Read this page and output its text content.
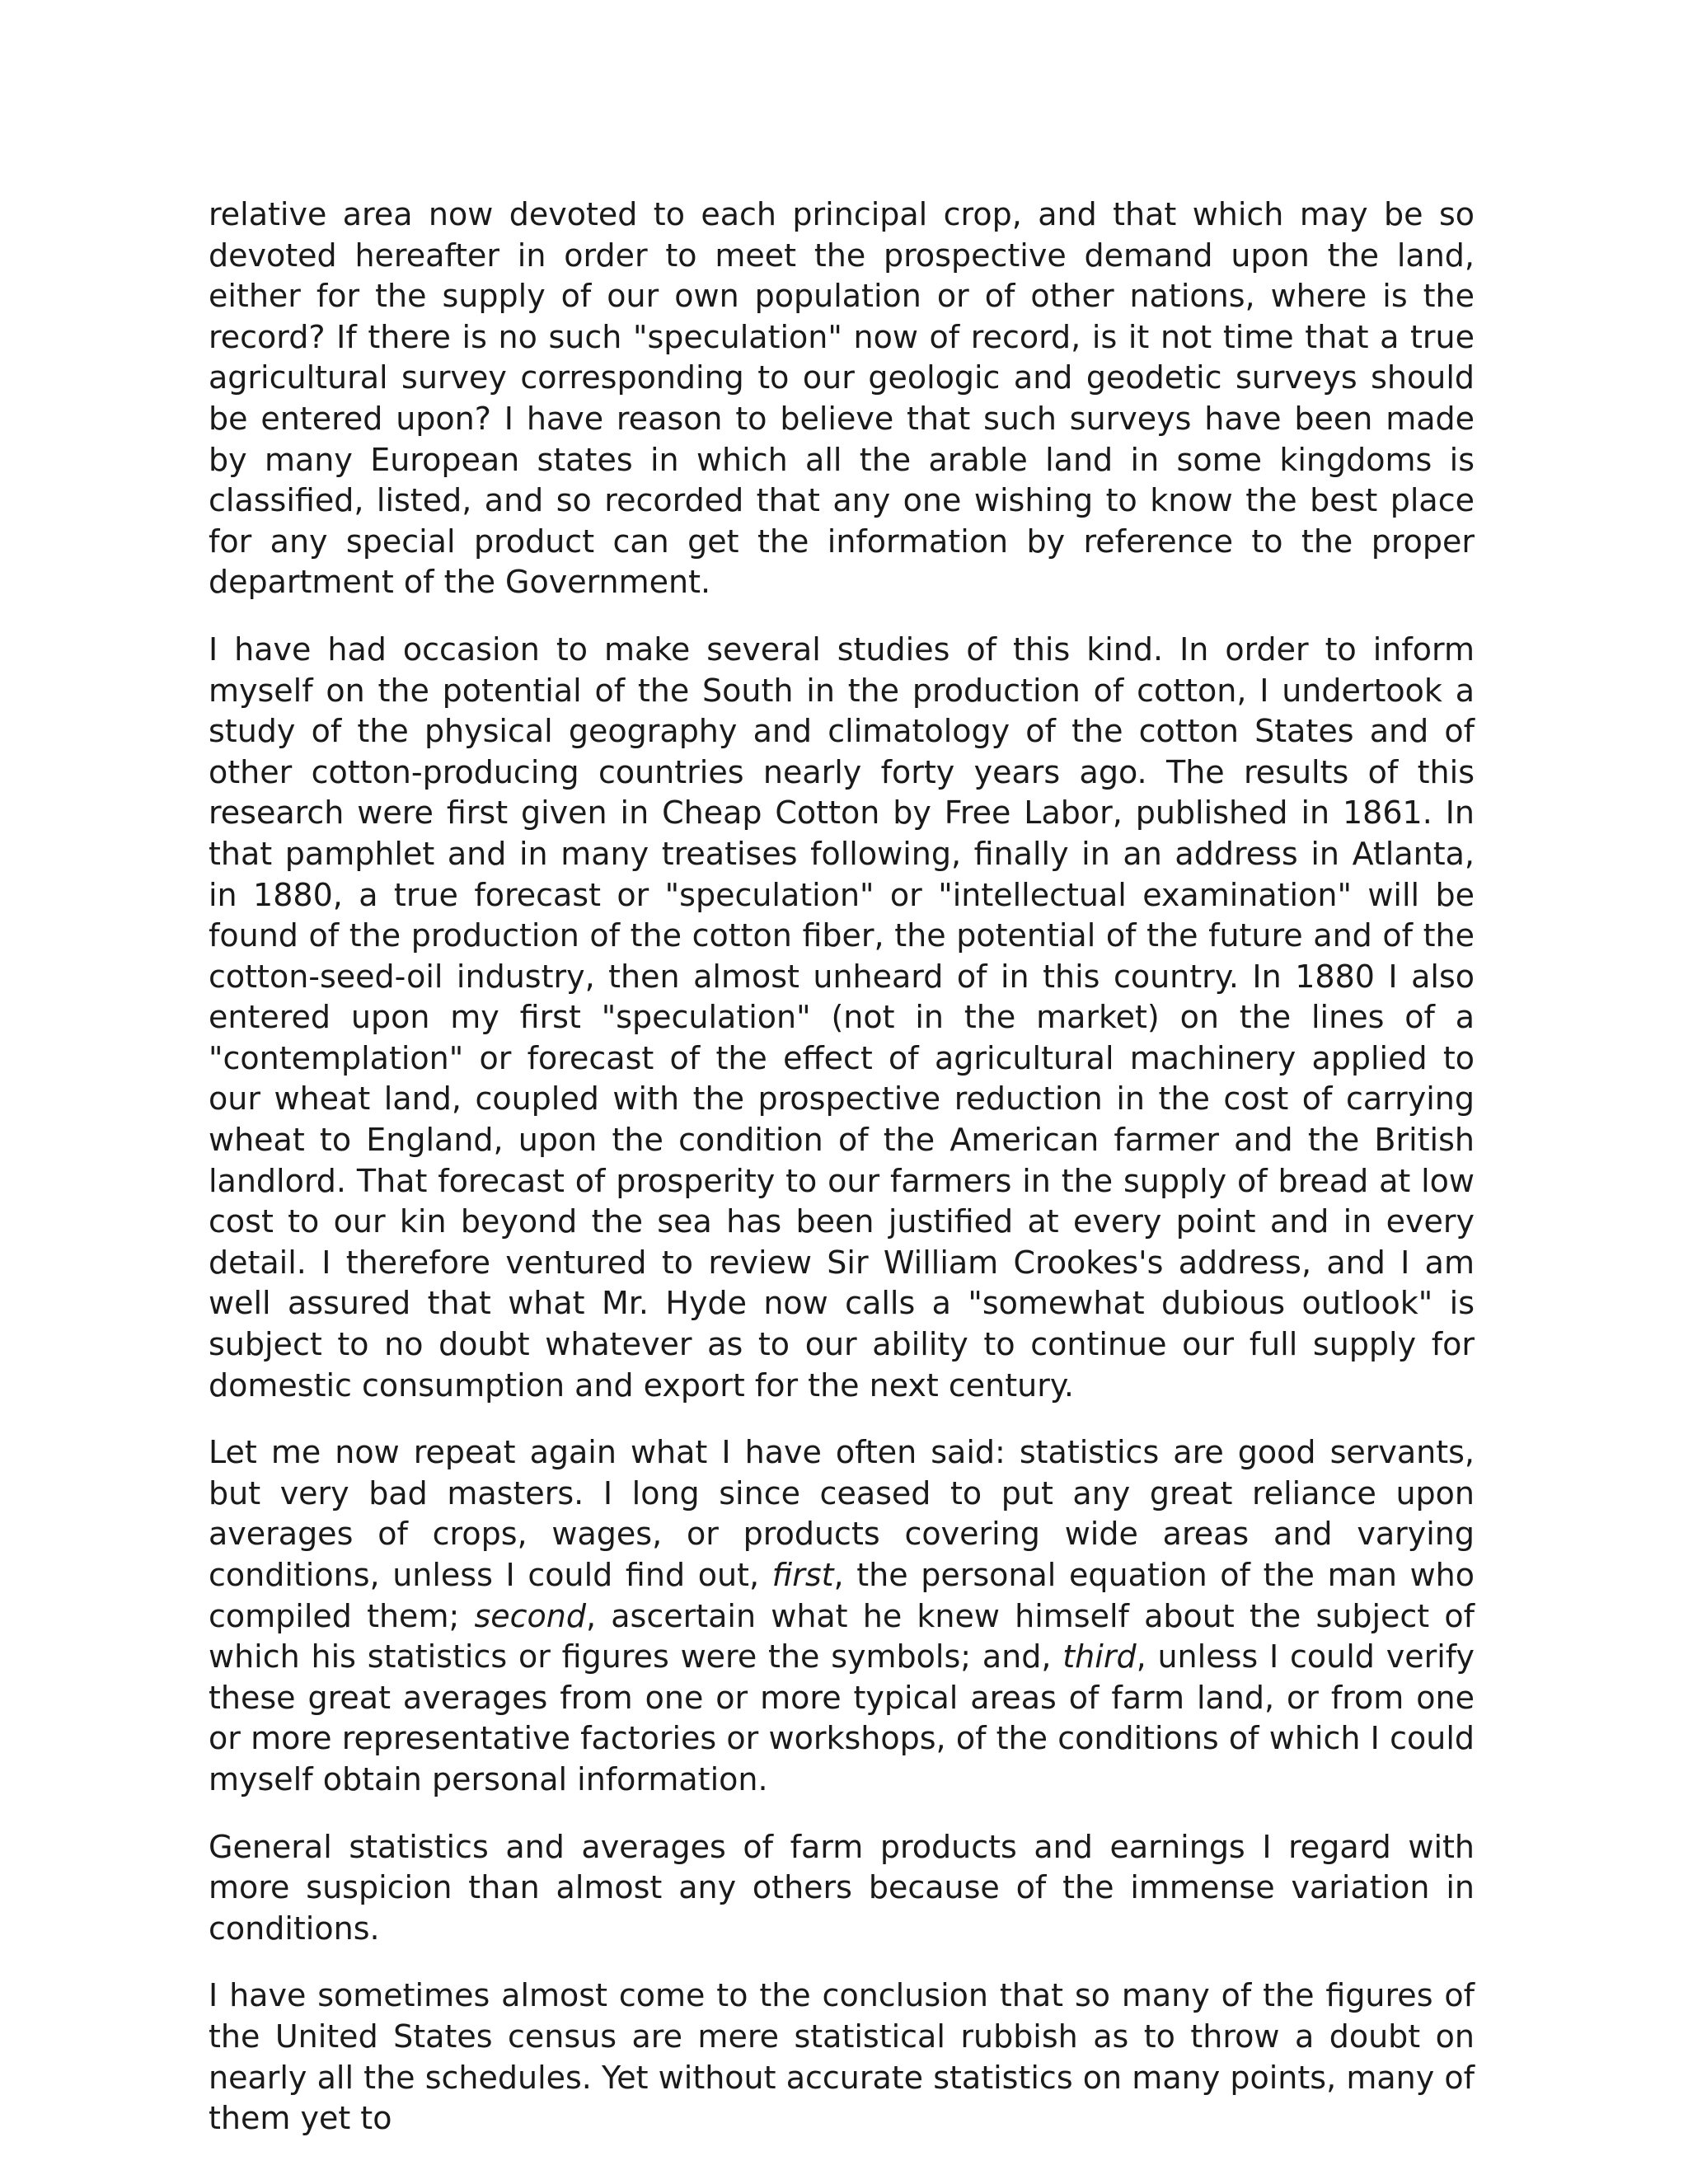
relative area now devoted to each principal crop, and that which may be so devoted hereafter in order to meet the prospective demand upon the land, either for the supply of our own population or of other nations, where is the record? If there is no such "speculation" now of record, is it not time that a true agricultural survey corresponding to our geologic and geodetic surveys should be entered upon? I have reason to believe that such surveys have been made by many European states in which all the arable land in some kingdoms is classified, listed, and so recorded that any one wishing to know the best place for any special product can get the information by reference to the proper department of the Government.

I have had occasion to make several studies of this kind. In order to inform myself on the potential of the South in the production of cotton, I undertook a study of the physical geography and climatology of the cotton States and of other cotton-producing countries nearly forty years ago. The results of this research were first given in Cheap Cotton by Free Labor, published in 1861. In that pamphlet and in many treatises following, finally in an address in Atlanta, in 1880, a true forecast or "speculation" or "intellectual examination" will be found of the production of the cotton fiber, the potential of the future and of the cotton-seed-oil industry, then almost unheard of in this country. In 1880 I also entered upon my first "speculation" (not in the market) on the lines of a "contemplation" or forecast of the effect of agricultural machinery applied to our wheat land, coupled with the prospective reduction in the cost of carrying wheat to England, upon the condition of the American farmer and the British landlord. That forecast of prosperity to our farmers in the supply of bread at low cost to our kin beyond the sea has been justified at every point and in every detail. I therefore ventured to review Sir William Crookes's address, and I am well assured that what Mr. Hyde now calls a "somewhat dubious outlook" is subject to no doubt whatever as to our ability to continue our full supply for domestic consumption and export for the next century.

Let me now repeat again what I have often said: statistics are good servants, but very bad masters. I long since ceased to put any great reliance upon averages of crops, wages, or products covering wide areas and varying conditions, unless I could find out, first, the personal equation of the man who compiled them; second, ascertain what he knew himself about the subject of which his statistics or figures were the symbols; and, third, unless I could verify these great averages from one or more typical areas of farm land, or from one or more representative factories or workshops, of the conditions of which I could myself obtain personal information.

General statistics and averages of farm products and earnings I regard with more suspicion than almost any others because of the immense variation in conditions.

I have sometimes almost come to the conclusion that so many of the figures of the United States census are mere statistical rubbish as to throw a doubt on nearly all the schedules. Yet without accurate statistics on many points, many of them yet to
